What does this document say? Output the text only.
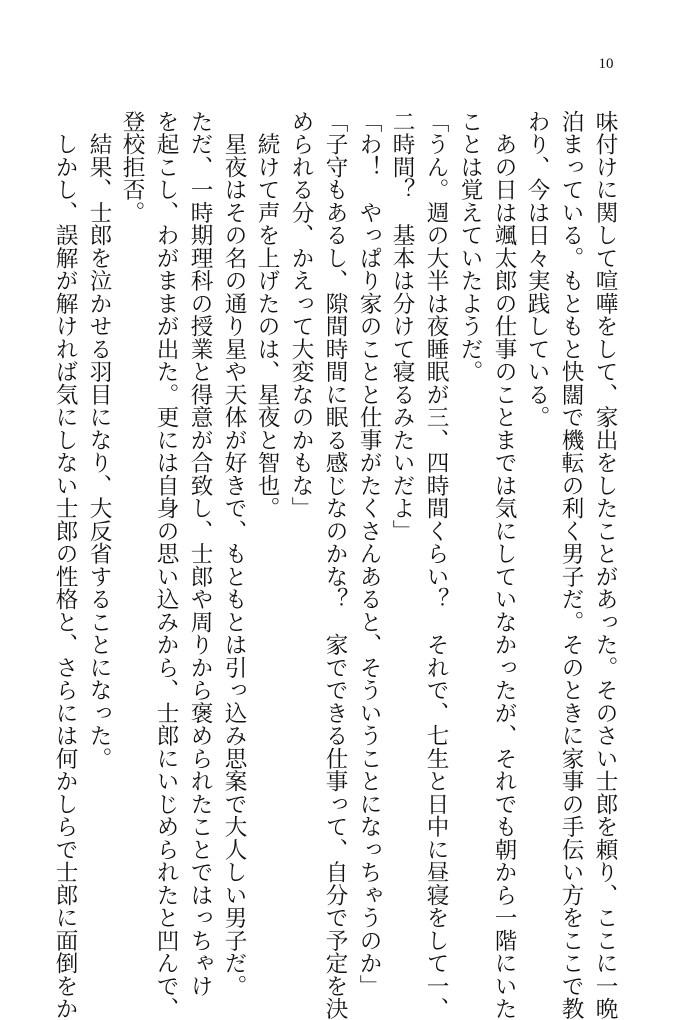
10
味付けに関して喧嘩をして、家出をしたことがあった。そのさい士郎を頼り、ここに一晩
泊まっている。もともと快闊で機転の利く男子だ。そのときに家事の手伝い方をここで教
わり、今は日々実践している。
　あの日は颯太郎の仕事のことまでは気にしていなかったが、それでも朝から一階にいた
ことは覚えていたようだ。
「うん。週の大半は夜睡眠が三、四時間くらい？　それで、七生と日中に昼寝をして一、
二時間？　基本は分けて寝るみたいだよ」
「わ！　やっぱり家のことと仕事がたくさんあると、そういうことになっちゃうのか」
「子守もあるし、隙間時間に眠る感じなのかな？　家でできる仕事って、自分で予定を決
められる分、かえって大変なのかもな」
　続けて声を上げたのは、星夜と智也。
　星夜はその名の通り星や天体が好きで、もともとは引っ込み思案で大人しい男子だ。
ただ、一時期理科の授業と得意が合致し、士郎や周りから褒められたことではっちゃけ
を起こし、わがままが出た。更には自身の思い込みから、士郎にいじめられたと凹んで、
登校拒否。
　結果、士郎を泣かせる羽目になり、大反省することになった。
　しかし、誤解が解ければ気にしない士郎の性格と、さらには何かしらで士郎に面倒をか
